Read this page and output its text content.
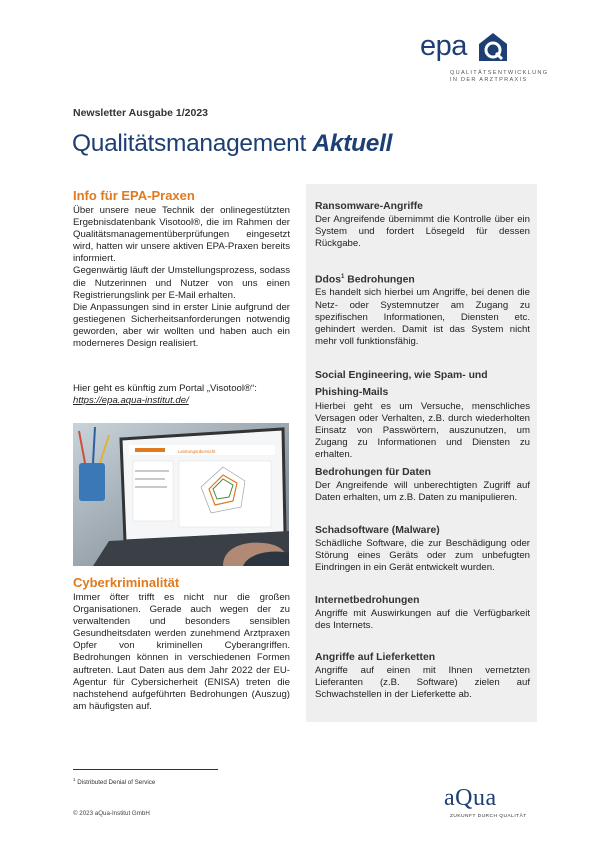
epa
QUALITÄTSENTWICKLUNG
IN DER ARZTPRAXIS
Newsletter Ausgabe 1/2023
Qualitätsmanagement Aktuell
Info für EPA-Praxen

Über unsere neue Technik der onlinegestützten Ergebnisdatenbank Visotool®, die im Rahmen der Qualitätsmanagementüberprüfungen eingesetzt wird, hatten wir unsere aktiven EPA-Praxen bereits informiert.

Gegenwärtig läuft der Umstellungsprozess, sodass die Nutzerinnen und Nutzer von uns einen Registrierungslink per E-Mail erhalten.

Die Anpassungen sind in erster Linie aufgrund der gestiegenen Sicherheitsanforderungen notwendig geworden, aber wir wollten und haben auch ein moderneres Design realisiert.

Hier geht es künftig zum Portal „Visotool®“:

https://epa.aqua-institut.de/

Leistungsübersicht
Cyberkriminalität

Immer öfter trifft es nicht nur die großen Organisationen. Gerade auch wegen der zu verwaltenden und besonders sensiblen Gesundheitsdaten werden zunehmend Arztpraxen Opfer von kriminellen Cyberangriffen. Bedrohungen können in verschiedenen Formen auftreten. Laut Daten aus dem Jahr 2022 der EU-Agentur für Cybersicherheit (ENISA) treten die nachstehend aufgeführten Bedrohungen (Auszug) am häufigsten auf.

Ransomware-Angriffe
Der Angreifende übernimmt die Kontrolle über ein System und fordert Lösegeld für dessen Rückgabe.
Ddos$^1$ Bedrohungen
Es handelt sich hierbei um Angriffe, bei denen die Netz- oder Systemnutzer am Zugang zu spezifischen Informationen, Diensten etc. gehindert werden. Damit ist das System nicht mehr voll funktionsfähig.
Social Engineering, wie Spam- und Phishing-Mails
Hierbei geht es um Versuche, menschliches Versagen oder Verhalten, z.B. durch wiederholten Einsatz von Passwörtern, auszunutzen, um Zugang zu Informationen und Diensten zu erhalten.
Bedrohungen für Daten
Der Angreifende will unberechtigten Zugriff auf Daten erhalten, um z.B. Daten zu manipulieren.
Schadsoftware (Malware)
Schädliche Software, die zur Beschädigung oder Störung eines Geräts oder zum unbefugten Eindringen in ein Gerät entwickelt wurden.
Internetbedrohungen
Angriffe mit Auswirkungen auf die Verfügbarkeit des Internets.
Angriffe auf Lieferketten
Angriffe auf einen mit Ihnen vernetzten Lieferanten (z.B. Software) zielen auf Schwachstellen in der Lieferkette ab.
$^1$ Distributed Denial of Service
© 2023 aQua-Institut GmbH
aQua
ZUKUNFT DURCH QUALITÄT
